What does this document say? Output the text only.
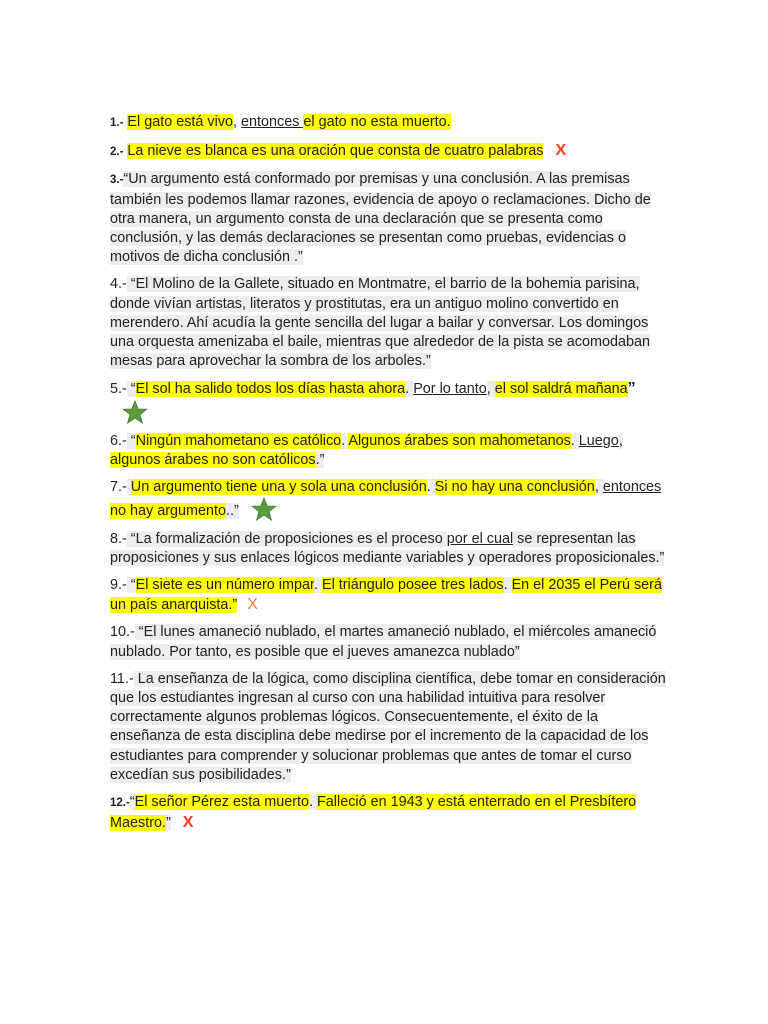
1.- El gato está vivo, entonces el gato no esta muerto.
2.- La nieve es blanca es una oración que consta de cuatro palabras X
3.-“Un argumento está conformado por premisas y una conclusión. A las premisas también les podemos llamar razones, evidencia de apoyo o reclamaciones. Dicho de otra manera, un argumento consta de una declaración que se presenta como conclusión, y las demás declaraciones se presentan como pruebas, evidencias o motivos de dicha conclusión .”
4.- “El Molino de la Gallete, situado en Montmatre, el barrio de la bohemia parisina, donde vivían artistas, literatos y prostitutas, era un antiguo molino convertido en merendero. Ahí acudía la gente sencilla del lugar a bailar y conversar. Los domingos una orquesta amenizaba el baile, mientras que alrededor de la pista se acomodaban mesas para aprovechar la sombra de los arboles.”
5.- “El sol ha salido todos los días hasta ahora. Por lo tanto, el sol saldrá mañana”
6.- “Ningún mahometano es católico. Algunos árabes son mahometanos. Luego, algunos árabes no son católicos.”
7.- Un argumento tiene una y sola una conclusión. Si no hay una conclusión, entonces no hay argumento..”
8.- “La formalización de proposiciones es el proceso por el cual se representan las proposiciones y sus enlaces lógicos mediante variables y operadores proposicionales.”
9.- “El siete es un número impar. El triángulo posee tres lados. En el 2035 el Perú será un país anarquista.” X
10.- “El lunes amaneció nublado, el martes amaneció nublado, el miércoles amaneció nublado. Por tanto, es posible que el jueves amanezca nublado”
11.- La enseñanza de la lógica, como disciplina científica, debe tomar en consideración que los estudiantes ingresan al curso con una habilidad intuitiva para resolver correctamente algunos problemas lógicos. Consecuentemente, el éxito de la enseñanza de esta disciplina debe medirse por el incremento de la capacidad de los estudiantes para comprender y solucionar problemas que antes de tomar el curso excedían sus posibilidades.”
12.-“El señor Pérez esta muerto. Falleció en 1943 y está enterrado en el Presbítero Maestro.” X
